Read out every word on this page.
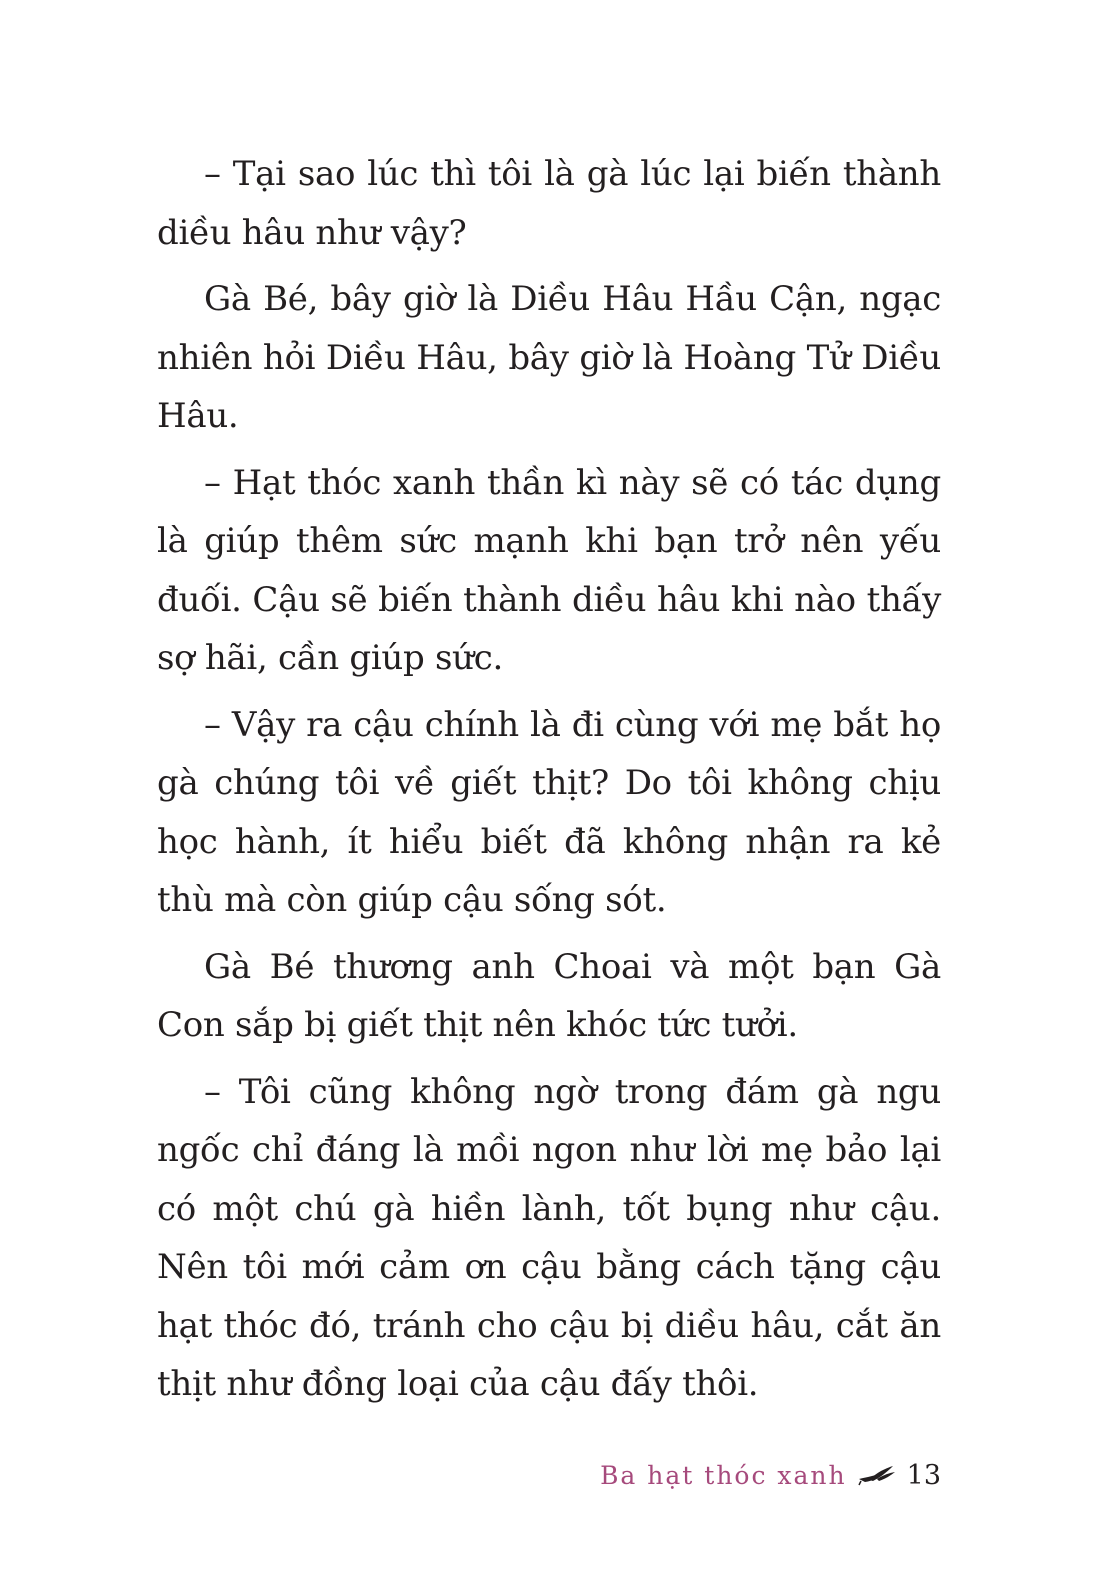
– Tại sao lúc thì tôi là gà lúc lại biến thành diều hâu như vậy?

Gà Bé, bây giờ là Diều Hâu Hầu Cận, ngạc nhiên hỏi Diều Hâu, bây giờ là Hoàng Tử Diều Hâu.

– Hạt thóc xanh thần kì này sẽ có tác dụng là giúp thêm sức mạnh khi bạn trở nên yếu đuối. Cậu sẽ biến thành diều hâu khi nào thấy sợ hãi, cần giúp sức.

– Vậy ra cậu chính là đi cùng với mẹ bắt họ gà chúng tôi về giết thịt? Do tôi không chịu học hành, ít hiểu biết đã không nhận ra kẻ thù mà còn giúp cậu sống sót.

Gà Bé thương anh Choai và một bạn Gà Con sắp bị giết thịt nên khóc tức tưởi.

– Tôi cũng không ngờ trong đám gà ngu ngốc chỉ đáng là mồi ngon như lời mẹ bảo lại có một chú gà hiền lành, tốt bụng như cậu. Nên tôi mới cảm ơn cậu bằng cách tặng cậu hạt thóc đó, tránh cho cậu bị diều hâu, cắt ăn thịt như đồng loại của cậu đấy thôi.

Ba hạt thóc xanh 13
